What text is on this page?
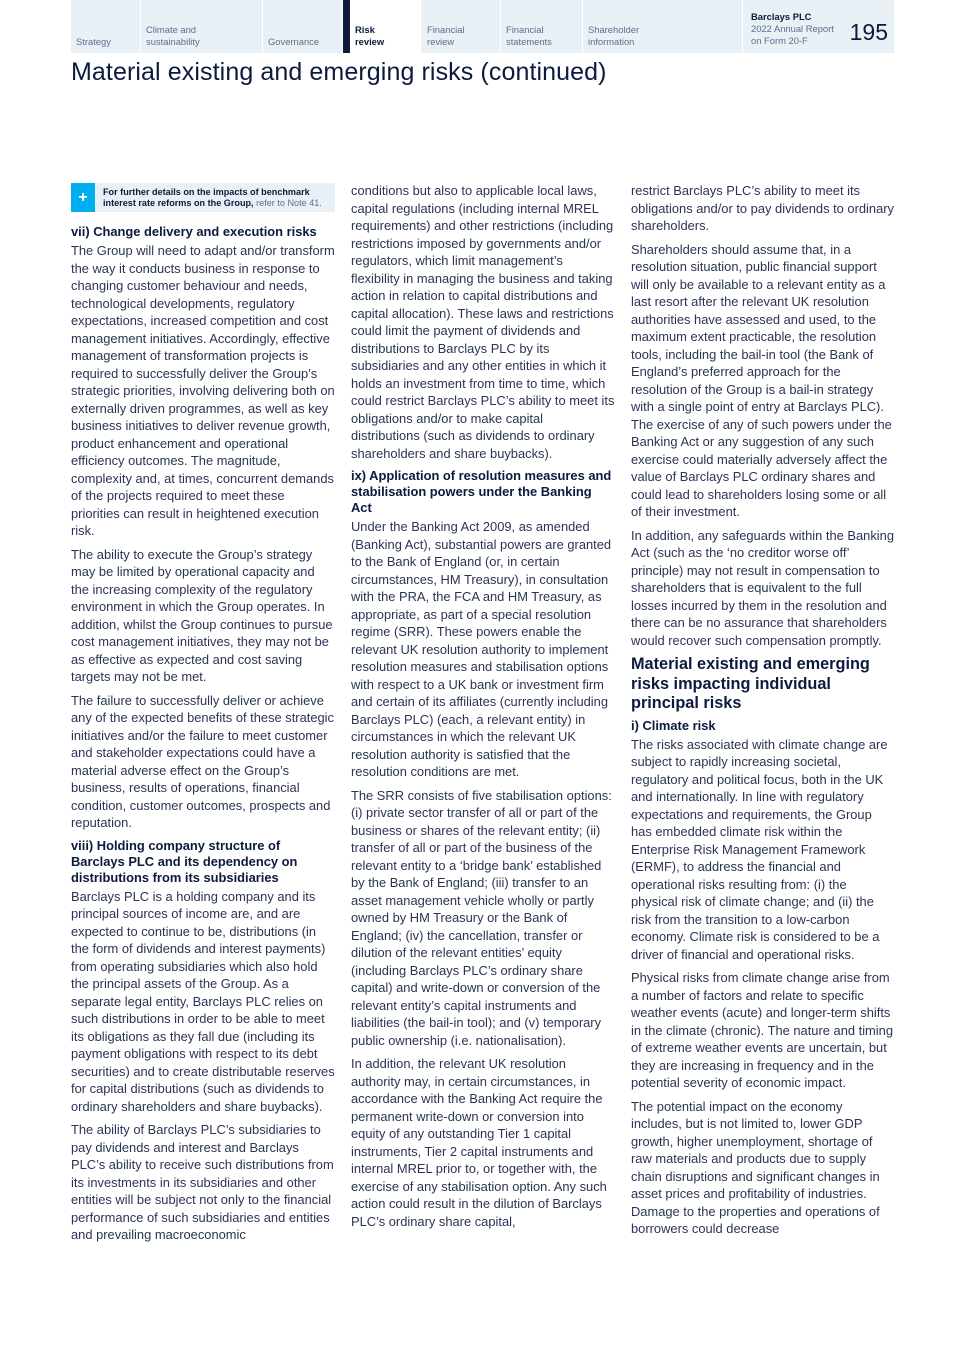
Strategy
Climate and
sustainability	Governance
Risk
review
Financial
review
Financial
statements
Shareholder
information
Barclays PLC
2022 Annual Report
on Form 20-F	195
Material existing and emerging risks (continued)
+	For further details on the impacts of benchmark interest rate reforms on the Group, refer to Note 41.
vii) Change delivery and execution risks

The Group will need to adapt and/or transform the way it conducts business in response to changing customer behaviour and needs, technological developments, regulatory expectations, increased competition and cost management initiatives. Accordingly, effective management of transformation projects is required to successfully deliver the Group’s strategic priorities, involving delivering both on externally driven programmes, as well as key business initiatives to deliver revenue growth, product enhancement and operational efficiency outcomes. The magnitude, complexity and, at times, concurrent demands of the projects required to meet these priorities can result in heightened execution risk.

The ability to execute the Group’s strategy may be limited by operational capacity and the increasing complexity of the regulatory environment in which the Group operates. In addition, whilst the Group continues to pursue cost management initiatives, they may not be as effective as expected and cost saving targets may not be met.

The failure to successfully deliver or achieve any of the expected benefits of these strategic initiatives and/or the failure to meet customer and stakeholder expectations could have a material adverse effect on the Group’s business, results of operations, financial condition, customer outcomes, prospects and reputation.

viii) Holding company structure of Barclays PLC and its dependency on distributions from its subsidiaries

Barclays PLC is a holding company and its principal sources of income are, and are expected to continue to be, distributions (in the form of dividends and interest payments) from operating subsidiaries which also hold the principal assets of the Group. As a separate legal entity, Barclays PLC relies on such distributions in order to be able to meet its obligations as they fall due (including its payment obligations with respect to its debt securities) and to create distributable reserves for capital distributions (such as dividends to ordinary shareholders and share buybacks).

The ability of Barclays PLC’s subsidiaries to pay dividends and interest and Barclays PLC’s ability to receive such distributions from its investments in its subsidiaries and other entities will be subject not only to the financial performance of such subsidiaries and entities and prevailing macroeconomic

conditions but also to applicable local laws, capital regulations (including internal MREL requirements) and other restrictions (including restrictions imposed by governments and/or regulators, which limit management’s flexibility in managing the business and taking action in relation to capital distributions and capital allocation). These laws and restrictions could limit the payment of dividends and distributions to Barclays PLC by its subsidiaries and any other entities in which it holds an investment from time to time, which could restrict Barclays PLC’s ability to meet its obligations and/or to make capital distributions (such as dividends to ordinary shareholders and share buybacks).

ix) Application of resolution measures and stabilisation powers under the Banking Act

Under the Banking Act 2009, as amended (Banking Act), substantial powers are granted to the Bank of England (or, in certain circumstances, HM Treasury), in consultation with the PRA, the FCA and HM Treasury, as appropriate, as part of a special resolution regime (SRR). These powers enable the relevant UK resolution authority to implement resolution measures and stabilisation options with respect to a UK bank or investment firm and certain of its affiliates (currently including Barclays PLC) (each, a relevant entity) in circumstances in which the relevant UK resolution authority is satisfied that the resolution conditions are met.

The SRR consists of five stabilisation options: (i) private sector transfer of all or part of the business or shares of the relevant entity; (ii) transfer of all or part of the business of the relevant entity to a ‘bridge bank’ established by the Bank of England; (iii) transfer to an asset management vehicle wholly or partly owned by HM Treasury or the Bank of England; (iv) the cancellation, transfer or dilution of the relevant entities’ equity (including Barclays PLC’s ordinary share capital) and write-down or conversion of the relevant entity’s capital instruments and liabilities (the bail-in tool); and (v) temporary public ownership (i.e. nationalisation).

In addition, the relevant UK resolution authority may, in certain circumstances, in accordance with the Banking Act require the permanent write-down or conversion into equity of any outstanding Tier 1 capital instruments, Tier 2 capital instruments and internal MREL prior to, or together with, the exercise of any stabilisation option. Any such action could result in the dilution of Barclays PLC’s ordinary share capital,

restrict Barclays PLC’s ability to meet its obligations and/or to pay dividends to ordinary shareholders.

Shareholders should assume that, in a resolution situation, public financial support will only be available to a relevant entity as a last resort after the relevant UK resolution authorities have assessed and used, to the maximum extent practicable, the resolution tools, including the bail-in tool (the Bank of England’s preferred approach for the resolution of the Group is a bail-in strategy with a single point of entry at Barclays PLC). The exercise of any of such powers under the Banking Act or any suggestion of any such exercise could materially adversely affect the value of Barclays PLC ordinary shares and could lead to shareholders losing some or all of their investment.

In addition, any safeguards within the Banking Act (such as the ‘no creditor worse off’ principle) may not result in compensation to shareholders that is equivalent to the full losses incurred by them in the resolution and there can be no assurance that shareholders would recover such compensation promptly.

Material existing and emerging risks impacting individual principal risks
i) Climate risk

The risks associated with climate change are subject to rapidly increasing societal, regulatory and political focus, both in the UK and internationally. In line with regulatory expectations and requirements, the Group has embedded climate risk within the Enterprise Risk Management Framework (ERMF), to address the financial and operational risks resulting from: (i) the physical risk of climate change; and (ii) the risk from the transition to a low-carbon economy. Climate risk is considered to be a driver of financial and operational risks.

Physical risks from climate change arise from a number of factors and relate to specific weather events (acute) and longer-term shifts in the climate (chronic). The nature and timing of extreme weather events are uncertain, but they are increasing in frequency and in the potential severity of economic impact.

The potential impact on the economy includes, but is not limited to, lower GDP growth, higher unemployment, shortage of raw materials and products due to supply chain disruptions and significant changes in asset prices and profitability of industries. Damage to the properties and operations of borrowers could decrease
